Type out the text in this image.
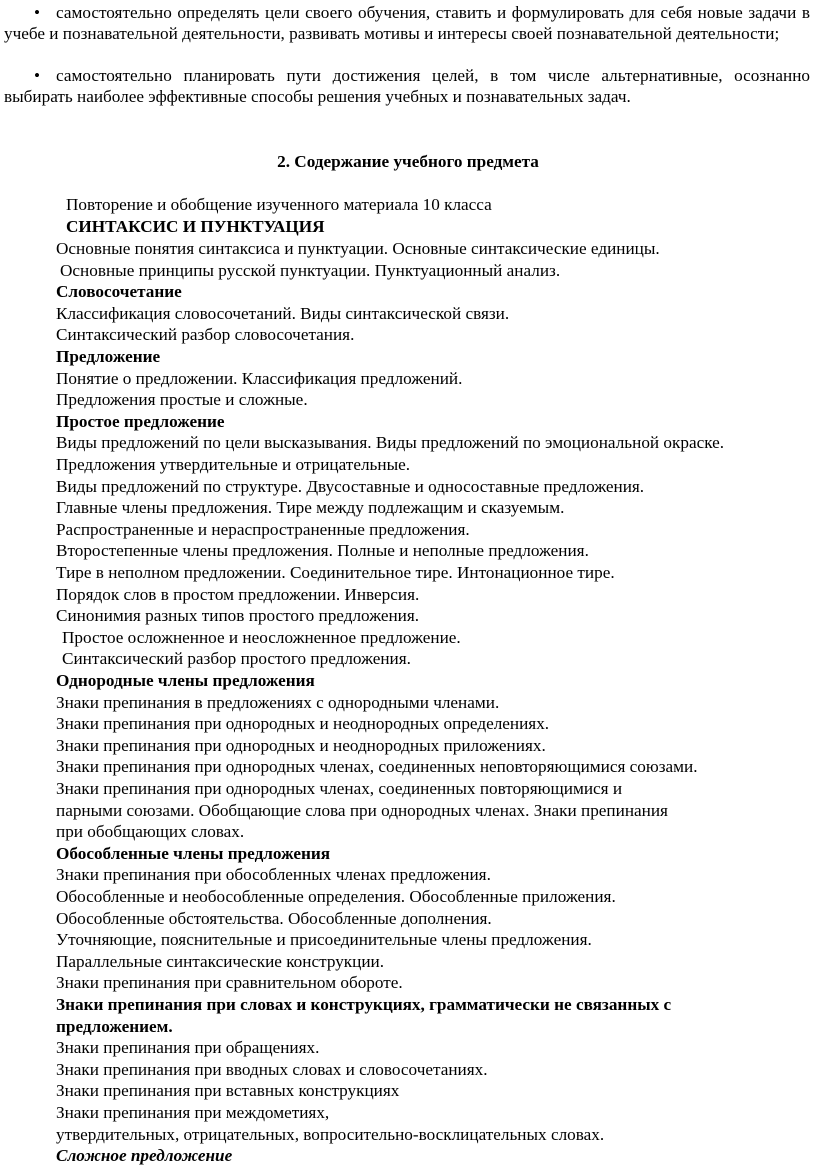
• самостоятельно определять цели своего обучения, ставить и формулировать для себя новые задачи в учебе и познавательной деятельности, развивать мотивы и интересы своей познавательной деятельности;
• самостоятельно планировать пути достижения целей, в том числе альтернативные, осознанно выбирать наиболее эффективные способы решения учебных и познавательных задач.
2. Содержание учебного предмета
Повторение и обобщение изученного материала 10 класса
СИНТАКСИС И ПУНКТУАЦИЯ
Основные понятия синтаксиса и пунктуации. Основные синтаксические единицы.
Основные принципы русской пунктуации. Пунктуационный анализ.
Словосочетание
Классификация словосочетаний. Виды синтаксической связи.
Синтаксический разбор словосочетания.
Предложение
Понятие о предложении. Классификация предложений.
Предложения простые и сложные.
Простое предложение
Виды предложений по цели высказывания. Виды предложений по эмоциональной окраске.
Предложения утвердительные и отрицательные.
Виды предложений по структуре. Двусоставные и односоставные предложения.
Главные члены предложения. Тире между подлежащим и сказуемым.
Распространенные и нераспространенные предложения.
Второстепенные члены предложения. Полные и неполные предложения.
Тире в неполном предложении. Соединительное тире. Интонационное тире.
Порядок слов в простом предложении. Инверсия.
Синонимия разных типов простого предложения.
Простое осложненное и неосложненное предложение.
Синтаксический разбор простого предложения.
Однородные члены предложения
Знаки препинания в предложениях с однородными членами.
Знаки препинания при однородных и неоднородных определениях.
Знаки препинания при однородных и неоднородных приложениях.
Знаки препинания при однородных членах, соединенных неповторяющимися союзами.
Знаки препинания при однородных членах, соединенных повторяющимися и
парными союзами. Обобщающие слова при однородных членах. Знаки препинания
при обобщающих словах.
Обособленные члены предложения
Знаки препинания при обособленных членах предложения.
Обособленные и необособленные определения. Обособленные приложения.
Обособленные обстоятельства. Обособленные дополнения.
Уточняющие, пояснительные и присоединительные члены предложения.
Параллельные синтаксические конструкции.
Знаки препинания при сравнительном обороте.
Знаки препинания при словах и конструкциях, грамматически не связанных с
предложением.
Знаки препинания при обращениях.
Знаки препинания при вводных словах и словосочетаниях.
Знаки препинания при вставных конструкциях
Знаки препинания при междометиях,
утвердительных, отрицательных, вопросительно-восклицательных словах.
Сложное предложение
